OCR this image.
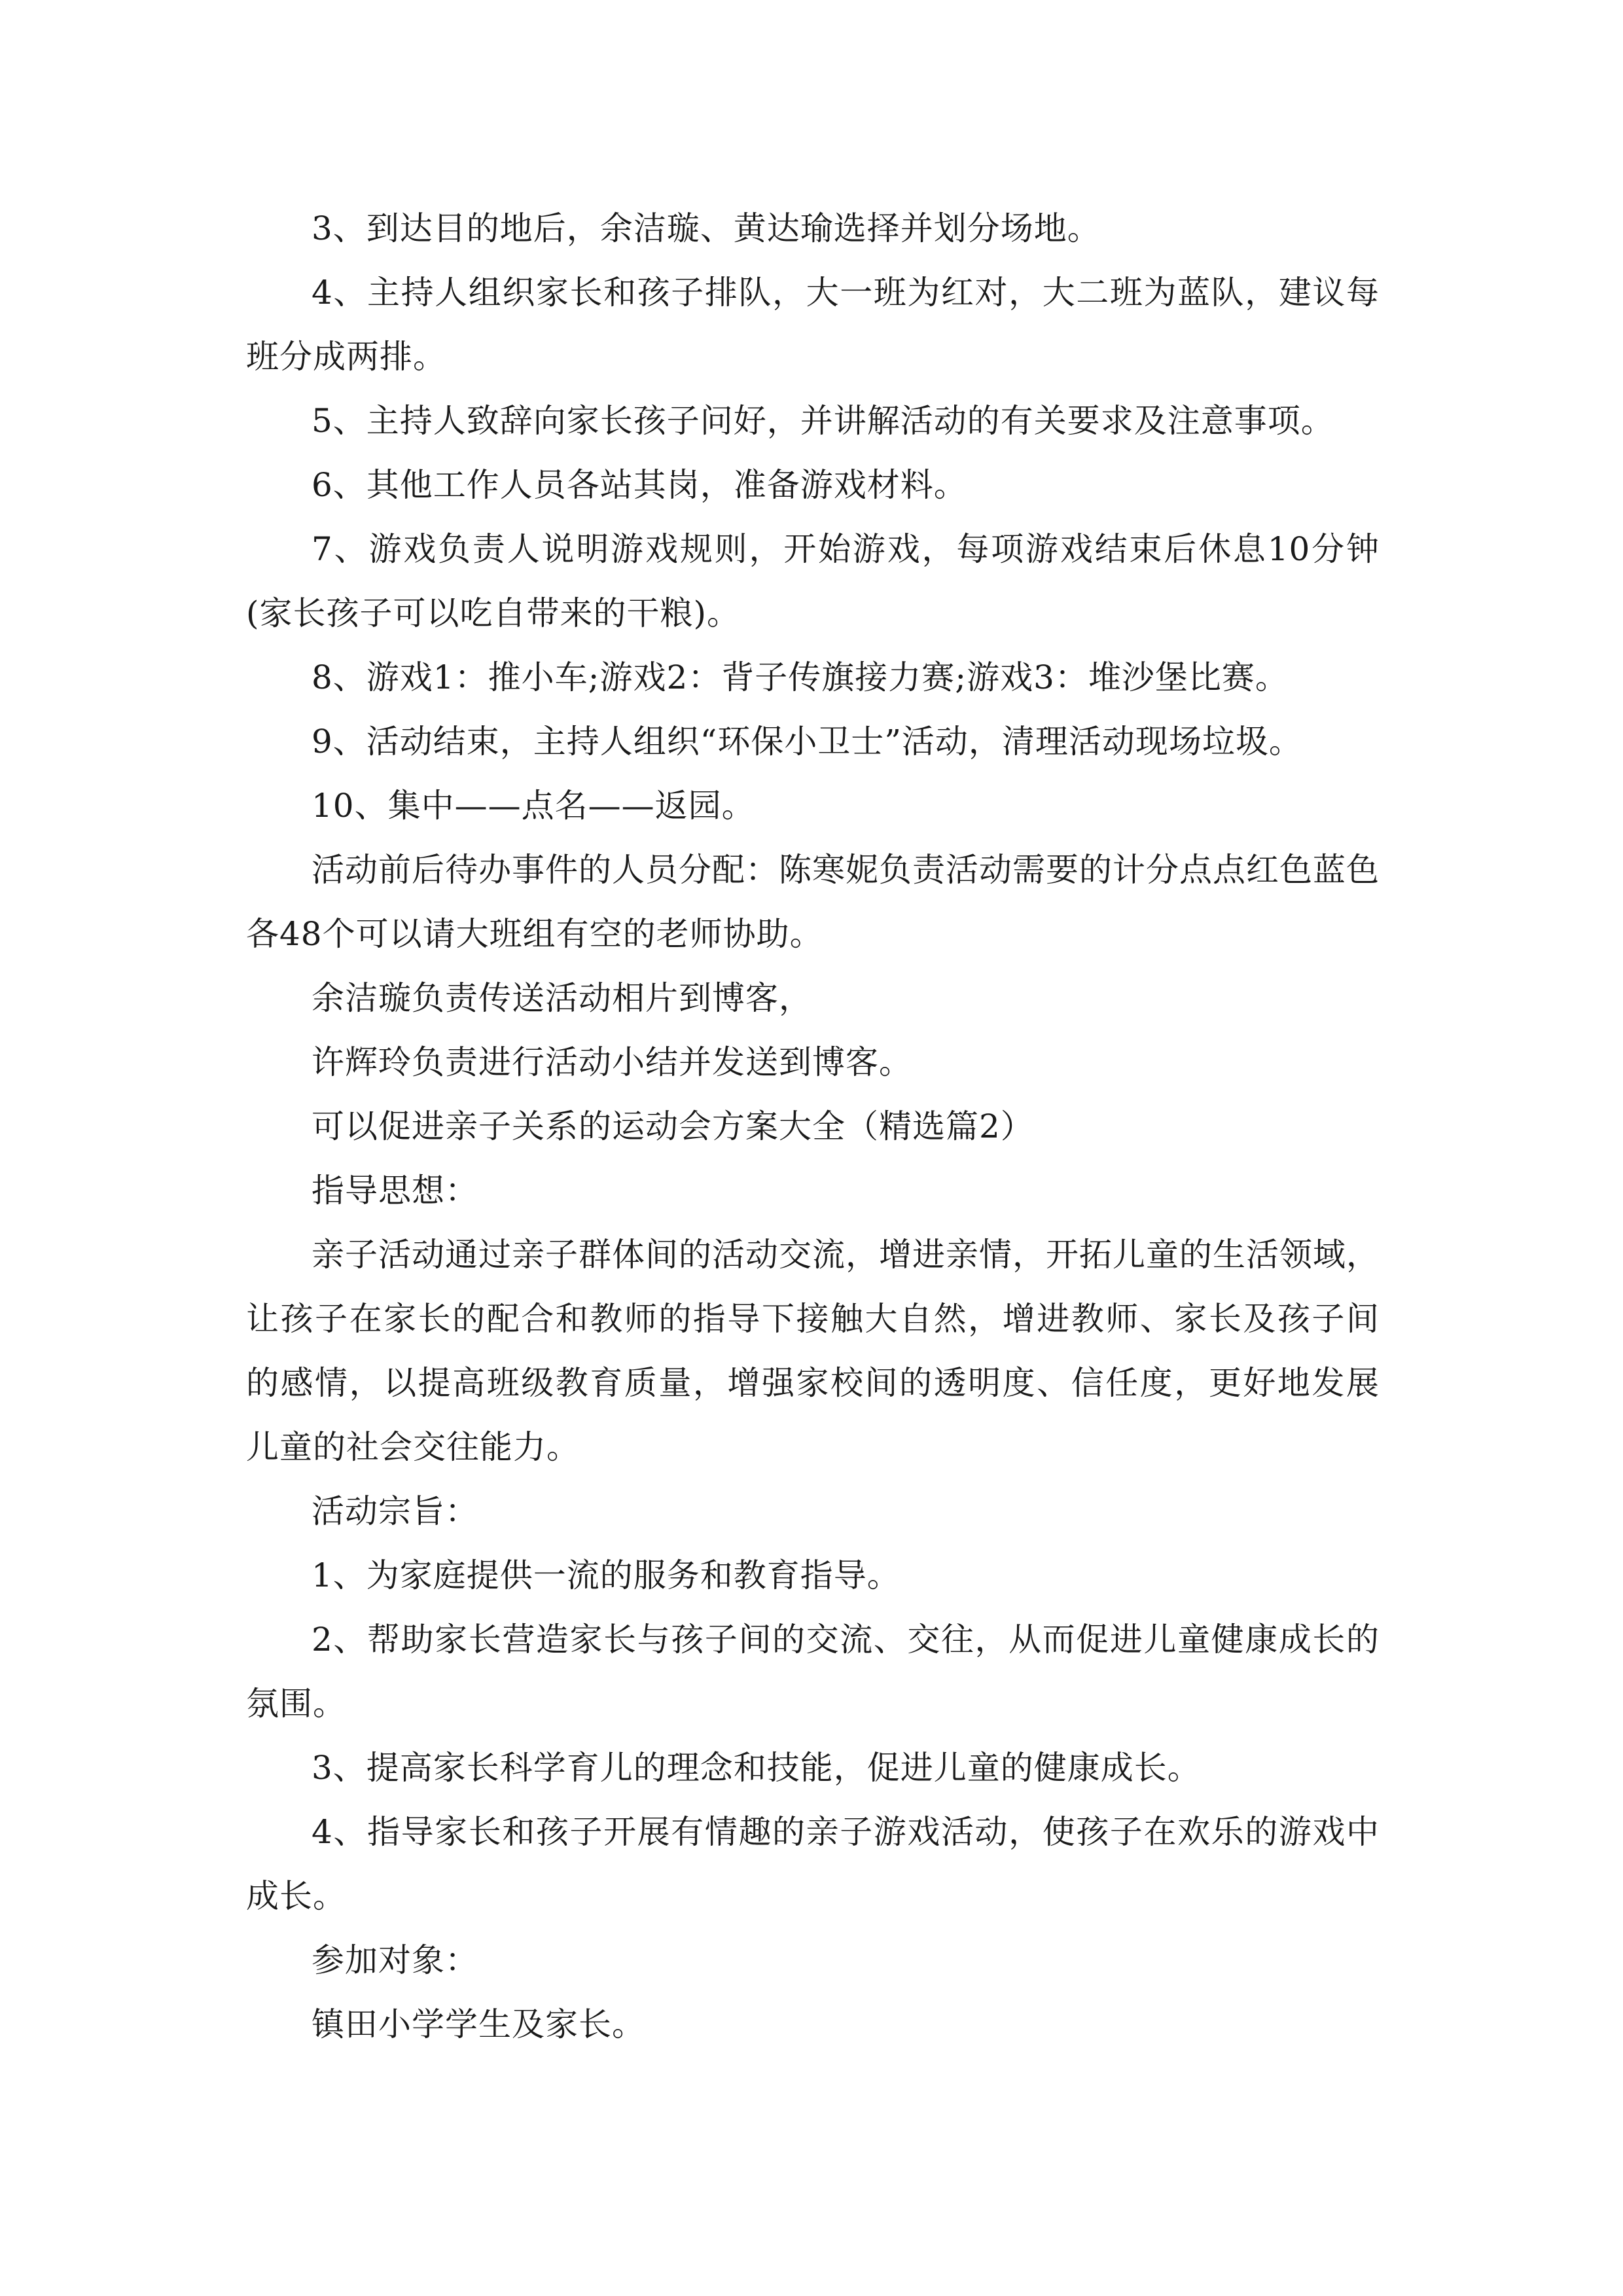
3、到达目的地后，余洁璇、黄达瑜选择并划分场地。

4、主持人组织家长和孩子排队，大一班为红对，大二班为蓝队，建议每班分成两排。

5、主持人致辞向家长孩子问好，并讲解活动的有关要求及注意事项。

6、其他工作人员各站其岗，准备游戏材料。

7、游戏负责人说明游戏规则，开始游戏，每项游戏结束后休息10分钟(家长孩子可以吃自带来的干粮)。

8、游戏1：推小车;游戏2：背子传旗接力赛;游戏3：堆沙堡比赛。

9、活动结束，主持人组织“环保小卫士”活动，清理活动现场垃圾。

10、集中——点名——返园。

活动前后待办事件的人员分配：陈寒妮负责活动需要的计分点点红色蓝色各48个可以请大班组有空的老师协助。

余洁璇负责传送活动相片到博客，

许辉玲负责进行活动小结并发送到博客。

可以促进亲子关系的运动会方案大全（精选篇2）

指导思想：

亲子活动通过亲子群体间的活动交流，增进亲情，开拓儿童的生活领域，让孩子在家长的配合和教师的指导下接触大自然，增进教师、家长及孩子间的感情，以提高班级教育质量，增强家校间的透明度、信任度，更好地发展儿童的社会交往能力。

活动宗旨：

1、为家庭提供一流的服务和教育指导。

2、帮助家长营造家长与孩子间的交流、交往，从而促进儿童健康成长的氛围。

3、提高家长科学育儿的理念和技能，促进儿童的健康成长。

4、指导家长和孩子开展有情趣的亲子游戏活动，使孩子在欢乐的游戏中成长。

参加对象：

镇田小学学生及家长。
